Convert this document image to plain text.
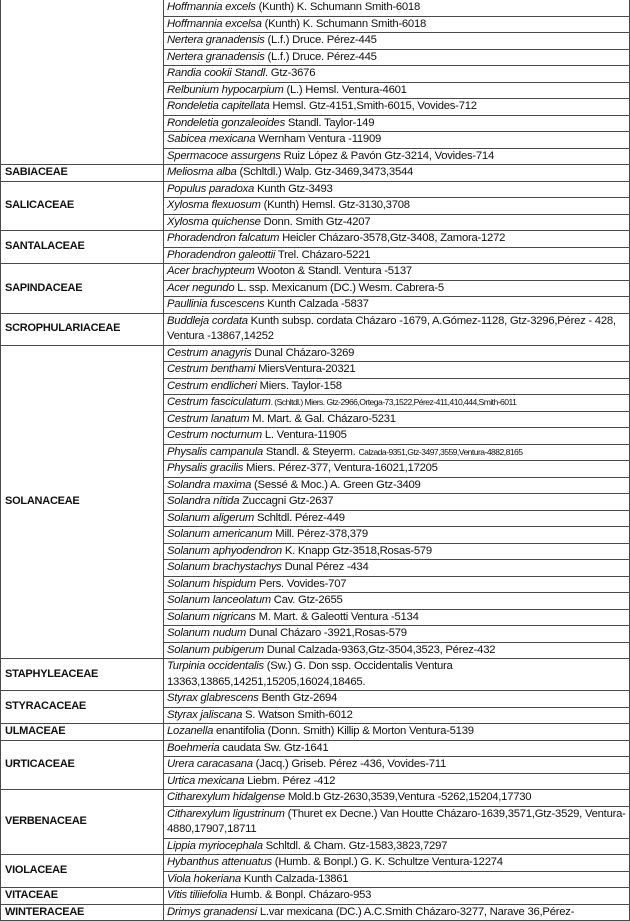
	Hoffmannia excels (Kunth) K. Schumann Smith-6018
	Hoffmannia excelsa (Kunth) K. Schumann Smith-6018
	Nertera granadensis (L.f.) Druce. Pérez-445
	Nertera granadensis (L.f.) Druce. Pérez-445
	Randia cookii Standl. Gtz-3676
	Relbunium hypocarpium (L.) Hemsl. Ventura-4601
	Rondeletia capitellata Hemsl. Gtz-4151,Smith-6015, Vovides-712
	Rondeletia gonzaleoides Standl. Taylor-149
	Sabicea mexicana Wernham Ventura -11909
	Spermacoce assurgens Ruiz López & Pavón Gtz-3214, Vovides-714
SABIACEAE	Meliosma alba (Schltdl.) Walp. Gtz-3469,3473,3544
SALICACEAE	Populus paradoxa Kunth Gtz-3493
	Xylosma flexuosum (Kunth) Hemsl. Gtz-3130,3708
	Xylosma quichense Donn. Smith Gtz-4207
SANTALACEAE	Phoradendron falcatum Heicler Cházaro-3578,Gtz-3408, Zamora-1272
	Phoradendron galeottii Trel. Cházaro-5221
SAPINDACEAE	Acer brachypteum Wooton & Standl. Ventura -5137
	Acer negundo L. ssp. Mexicanum (DC.) Wesm. Cabrera-5
	Paullinia fuscescens Kunth Calzada -5837
SCROPHULARIACEAE	Buddleja cordata Kunth subsp. cordata Cházaro -1679, A.Gómez-1128, Gtz-3296,Pérez - 428, Ventura -13867,14252
SOLANACEAE	Cestrum anagyris Dunal Cházaro-3269
	Cestrum benthami MiersVentura-20321
	Cestrum endlicheri Miers. Taylor-158
	Cestrum fasciculatum. (Schltdl.) Miers. Gtz-2966,Ortega-73,1522,Pérez-411,410,444,Smith-6011
	Cestrum lanatum M. Mart. & Gal. Cházaro-5231
	Cestrum nocturnum L. Ventura-11905
	Physalis campanula Standl. & Steyerm. Calzada-9351,Gtz-3497,3559,Ventura-4882,8165
	Physalis gracilis Miers. Pérez-377, Ventura-16021,17205
	Solandra maxima (Sessé & Moc.) A. Green Gtz-3409
	Solandra nítida Zuccagni Gtz-2637
	Solanum aligerum Schltdl. Pérez-449
	Solanum americanum Mill. Pérez-378,379
	Solanum aphyodendron K. Knapp Gtz-3518,Rosas-579
	Solanum brachystachys Dunal Pérez -434
	Solanum hispidum Pers. Vovides-707
	Solanum lanceolatum Cav. Gtz-2655
	Solanum nigricans M. Mart. & Galeotti Ventura -5134
	Solanum nudum Dunal Cházaro -3921,Rosas-579
	Solanum pubigerum Dunal Calzada-9363,Gtz-3504,3523, Pérez-432
STAPHYLEACEAE	Turpinia occidentalis (Sw.) G. Don ssp. Occidentalis Ventura 13363,13865,14251,15205,16024,18465.
STYRACACEAE	Styrax glabrescens Benth Gtz-2694
	Styrax jaliscana S. Watson Smith-6012
ULMACEAE	Lozanella enantifolia (Donn. Smith) Killip & Morton Ventura-5139
URTICACEAE	Boehmeria caudata Sw. Gtz-1641
	Urera caracasana (Jacq.) Griseb. Pérez -436, Vovides-711
	Urtica mexicana Liebm. Pérez -412
VERBENACEAE	Citharexylum hidalgense Mold.b Gtz-2630,3539,Ventura -5262,15204,17730
	Citharexylum ligustrinum (Thuret ex Decne.) Van Houtte Cházaro-1639,3571,Gtz-3529, Ventura-4880,17907,18711
	Lippia myriocephala Schltdl. & Cham. Gtz-1583,3823,7297
VIOLACEAE	Hybanthus attenuatus (Humb. & Bonpl.) G. K. Schultze Ventura-12274
	Viola hokeriana Kunth Calzada-13861
VITACEAE	Vitis tiliiefolia Humb. & Bonpl. Cházaro-953
WINTERACEAE	Drimys granadensi L.var mexicana (DC.) A.C.Smith Cházaro-3277, Narave 36,Pérez-
